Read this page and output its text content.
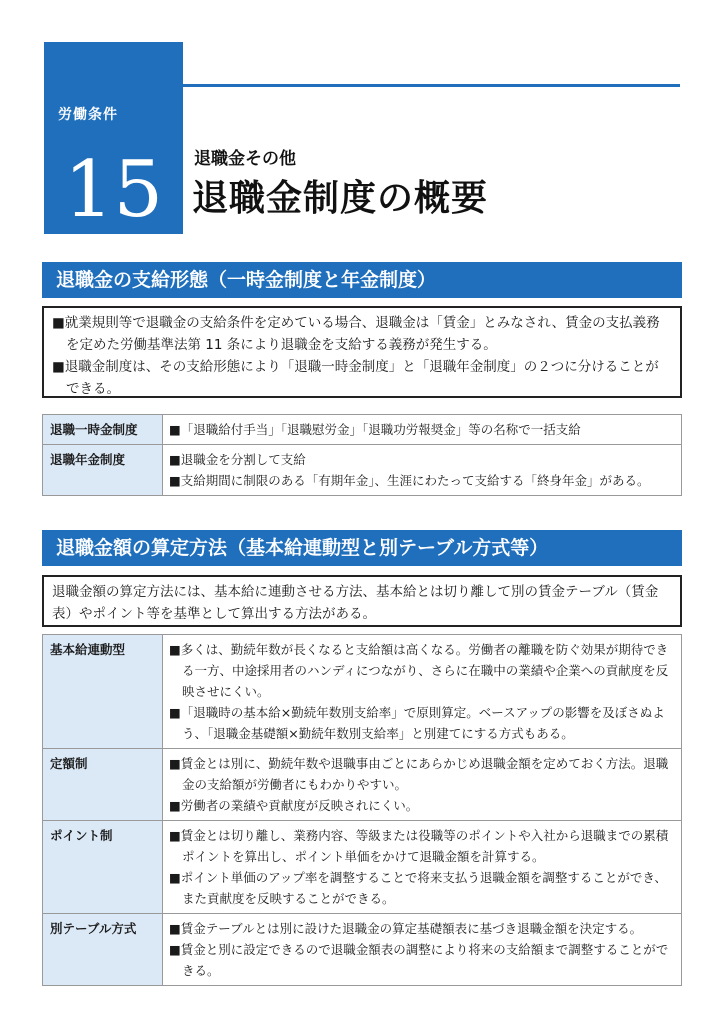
労働条件
15	退職金その他
退職金制度の概要
退職金の支給形態（一時金制度と年金制度）

■就業規則等で退職金の支給条件を定めている場合、退職金は「賃金」とみなされ、賃金の支払義務を定めた労働基準法第 11 条により退職金を支給する義務が発生する。

■退職金制度は、その支給形態により「退職一時金制度」と「退職年金制度」の２つに分けることができる。

退職一時金制度	■「退職給付手当」「退職慰労金」「退職功労報奨金」等の名称で一括支給

退職年金制度	■退職金を分割して支給
■支給期間に制限のある「有期年金」、生涯にわたって支給する「終身年金」がある。
退職金額の算定方法（基本給連動型と別テーブル方式等）

退職金額の算定方法には、基本給に連動させる方法、基本給とは切り離して別の賃金テーブル（賃金表）やポイント等を基準として算出する方法がある。

基本給連動型	■多くは、勤続年数が長くなると支給額は高くなる。労働者の離職を防ぐ効果が期待できる一方、中途採用者のハンディにつながり、さらに在職中の業績や企業への貢献度を反映させにくい。
■「退職時の基本給×勤続年数別支給率」で原則算定。ベースアップの影響を及ぼさぬよう、「退職金基礎額×勤続年数別支給率」と別建てにする方式もある。

定額制	■賃金とは別に、勤続年数や退職事由ごとにあらかじめ退職金額を定めておく方法。退職金の支給額が労働者にもわかりやすい。
■労働者の業績や貢献度が反映されにくい。

ポイント制	■賃金とは切り離し、業務内容、等級または役職等のポイントや入社から退職までの累積ポイントを算出し、ポイント単価をかけて退職金額を計算する。
■ポイント単価のアップ率を調整することで将来支払う退職金額を調整することができ、また貢献度を反映することができる。

別テーブル方式	■賃金テーブルとは別に設けた退職金の算定基礎額表に基づき退職金額を決定する。
■賃金と別に設定できるので退職金額表の調整により将来の支給額まで調整することができる。
